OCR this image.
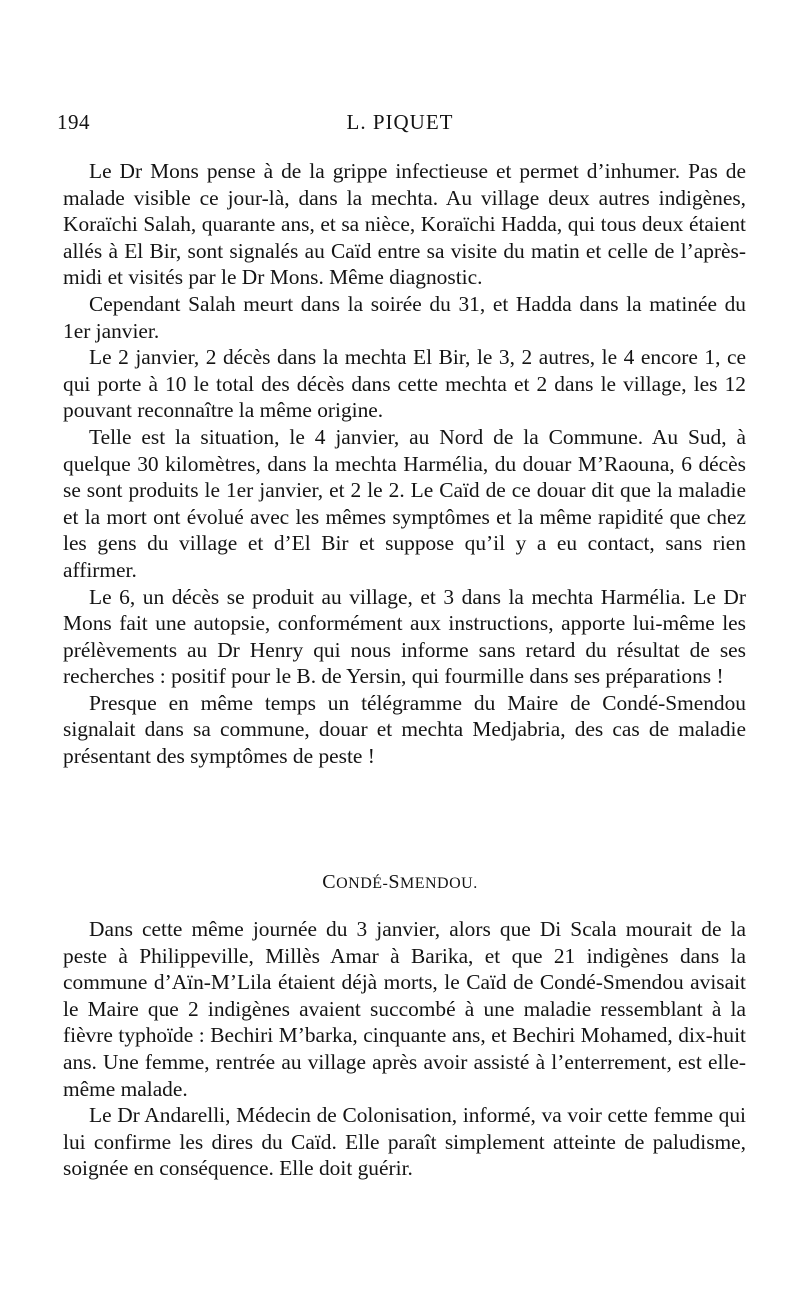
194	L. PIQUET

Le Dr Mons pense à de la grippe infectieuse et permet d’inhumer. Pas de malade visible ce jour-là, dans la mechta. Au village deux autres indigènes, Koraïchi Salah, quarante ans, et sa nièce, Koraïchi Hadda, qui tous deux étaient allés à El Bir, sont signalés au Caïd entre sa visite du matin et celle de l’après-midi et visités par le Dr Mons. Même diagnostic.

Cependant Salah meurt dans la soirée du 31, et Hadda dans la matinée du 1er janvier.

Le 2 janvier, 2 décès dans la mechta El Bir, le 3, 2 autres, le 4 encore 1, ce qui porte à 10 le total des décès dans cette mechta et 2 dans le village, les 12 pouvant reconnaître la même origine.

Telle est la situation, le 4 janvier, au Nord de la Commune. Au Sud, à quelque 30 kilomètres, dans la mechta Harmélia, du douar M’Raouna, 6 décès se sont produits le 1er janvier, et 2 le 2. Le Caïd de ce douar dit que la maladie et la mort ont évolué avec les mêmes symptômes et la même rapidité que chez les gens du village et d’El Bir et suppose qu’il y a eu contact, sans rien affirmer.

Le 6, un décès se produit au village, et 3 dans la mechta Harmélia. Le Dr Mons fait une autopsie, conformément aux instructions, apporte lui-même les prélèvements au Dr Henry qui nous informe sans retard du résultat de ses recherches : positif pour le B. de Yersin, qui fourmille dans ses préparations !

Presque en même temps un télégramme du Maire de Condé-Smendou signalait dans sa commune, douar et mechta Medjabria, des cas de maladie présentant des symptômes de peste !

CONDÉ-SMENDOU.

Dans cette même journée du 3 janvier, alors que Di Scala mourait de la peste à Philippeville, Millès Amar à Barika, et que 21 indigènes dans la commune d’Aïn-M’Lila étaient déjà morts, le Caïd de Condé-Smendou avisait le Maire que 2 indigènes avaient succombé à une maladie ressemblant à la fièvre typhoïde : Bechiri M’barka, cinquante ans, et Bechiri Mohamed, dix-huit ans. Une femme, rentrée au village après avoir assisté à l’enterrement, est elle-même malade.

Le Dr Andarelli, Médecin de Colonisation, informé, va voir cette femme qui lui confirme les dires du Caïd. Elle paraît simplement atteinte de paludisme, soignée en conséquence. Elle doit guérir.
